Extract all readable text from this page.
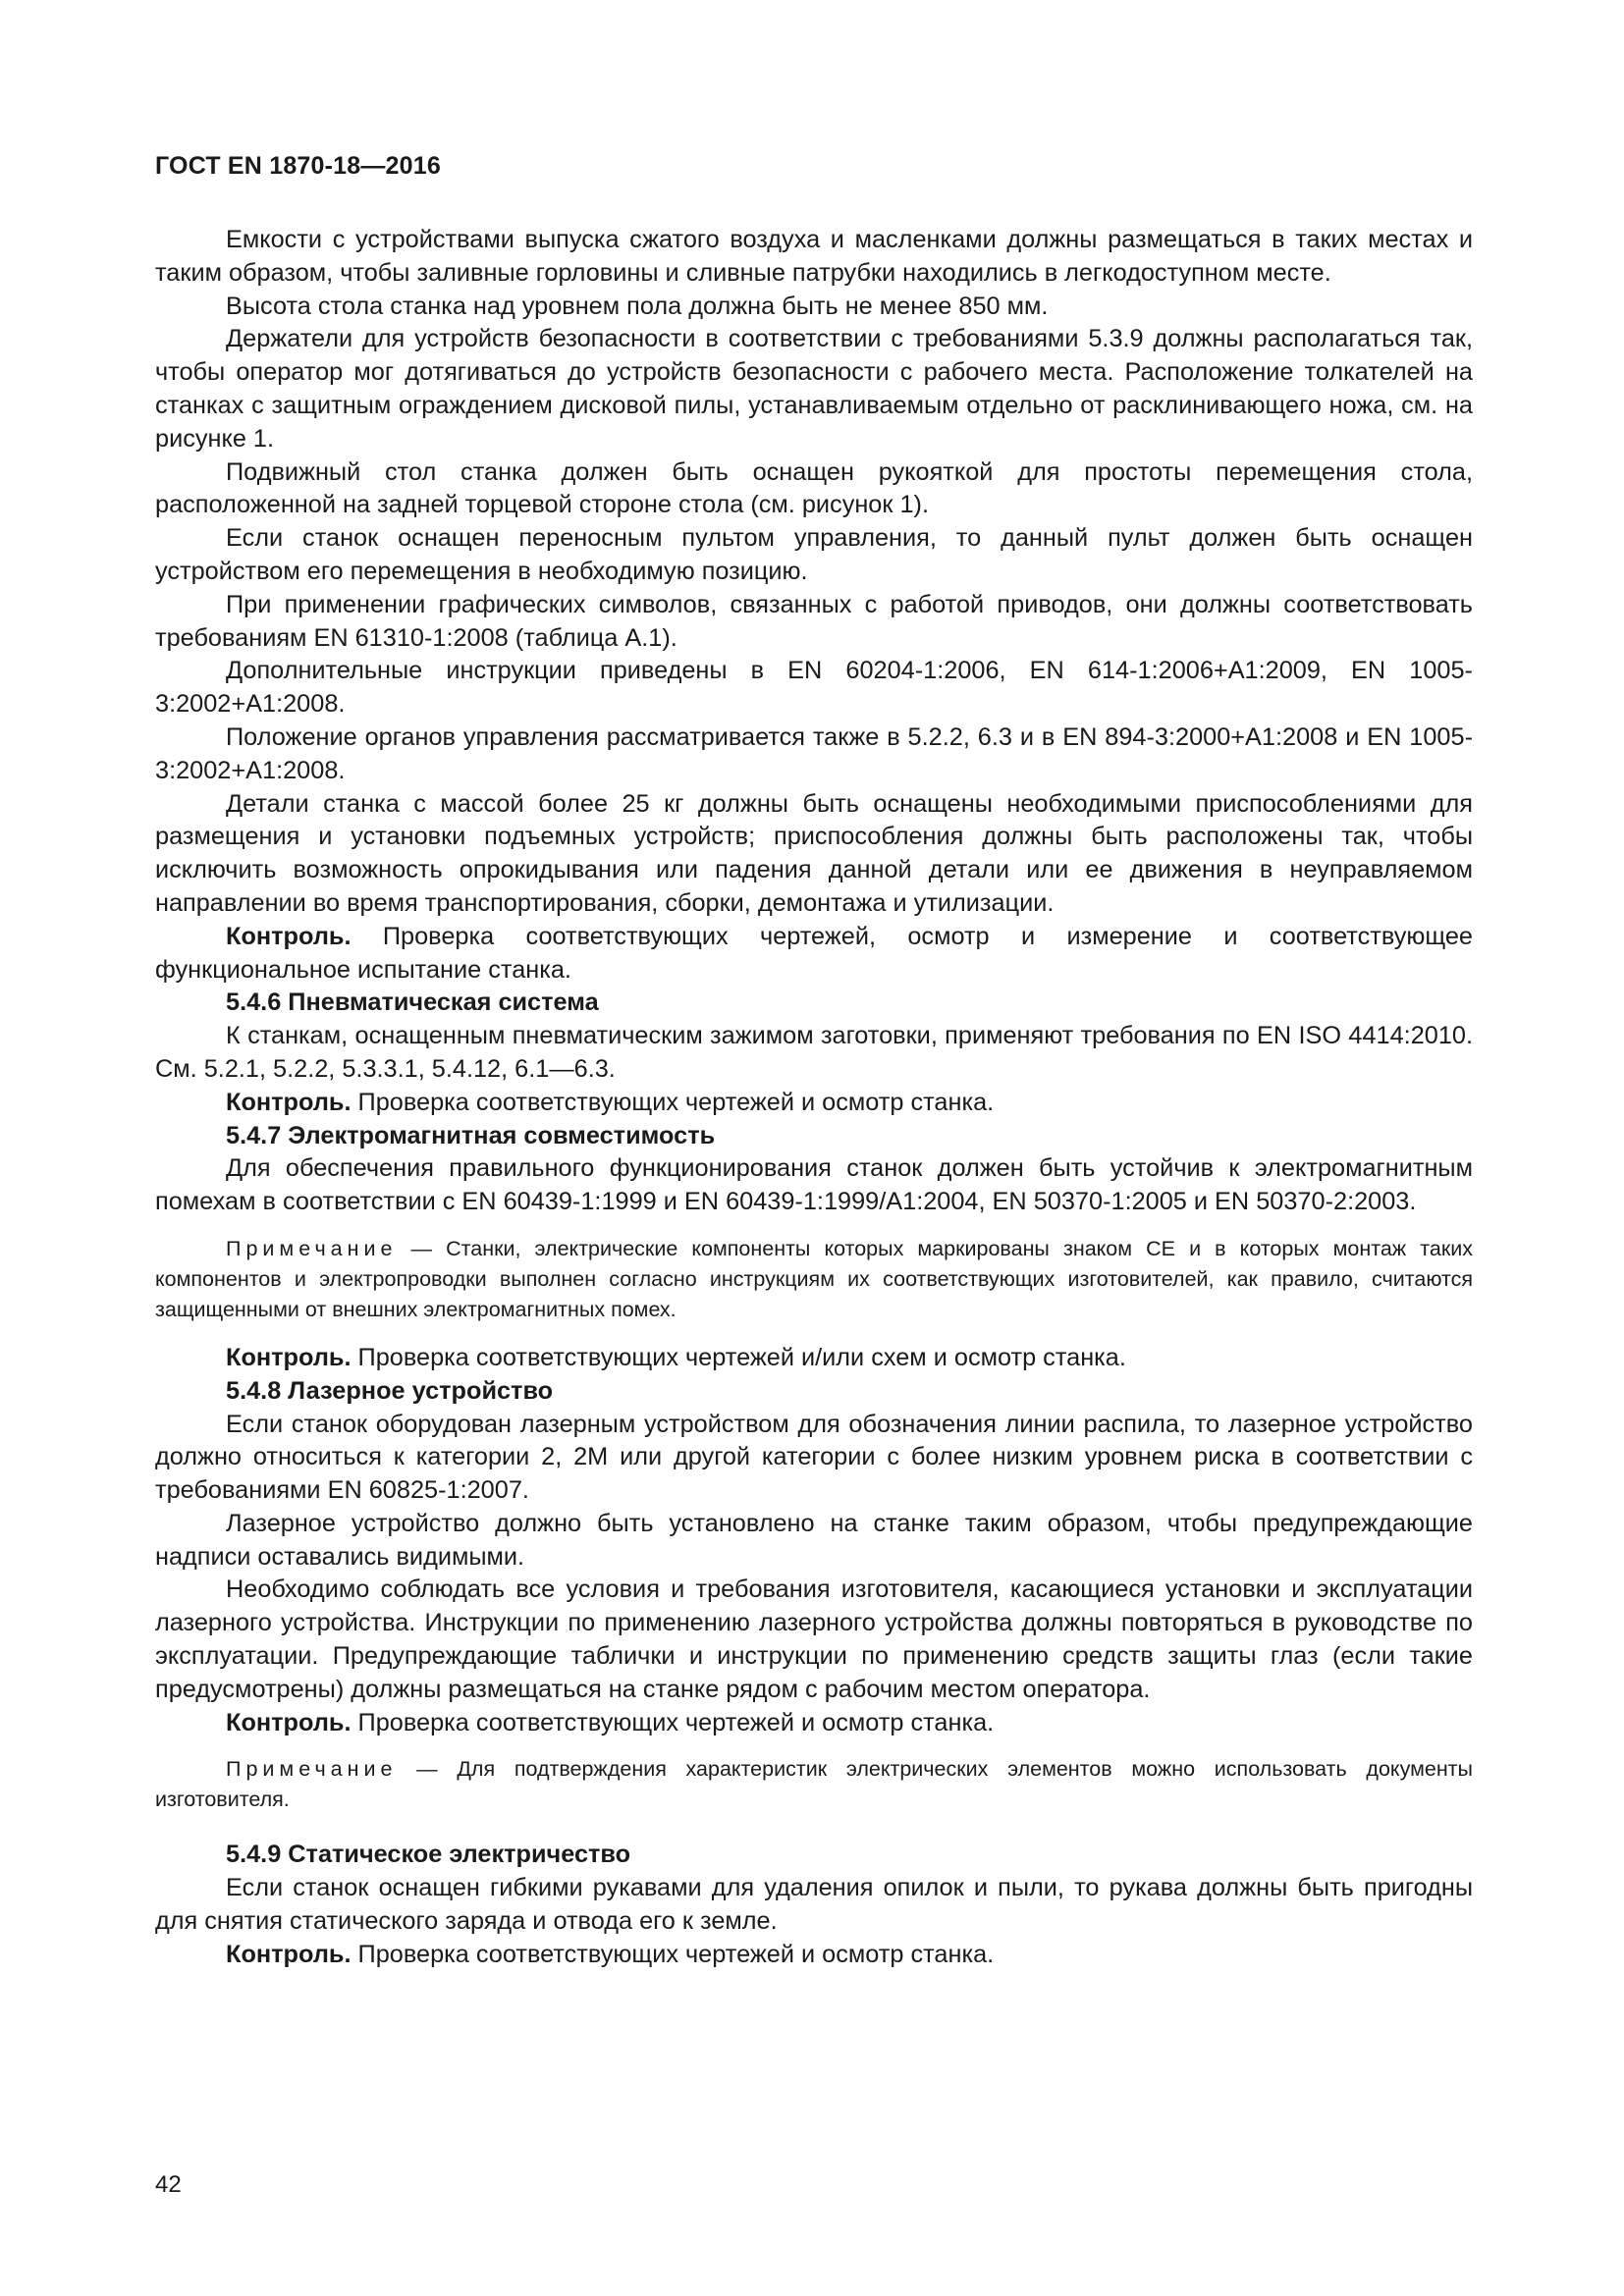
ГОСТ EN 1870-18—2016

Емкости с устройствами выпуска сжатого воздуха и масленками должны размещаться в таких местах и таким образом, чтобы заливные горловины и сливные патрубки находились в легкодоступном месте.

Высота стола станка над уровнем пола должна быть не менее 850 мм.

Держатели для устройств безопасности в соответствии с требованиями 5.3.9 должны располагаться так, чтобы оператор мог дотягиваться до устройств безопасности с рабочего места. Расположение толкателей на станках с защитным ограждением дисковой пилы, устанавливаемым отдельно от расклинивающего ножа, см. на рисунке 1.

Подвижный стол станка должен быть оснащен рукояткой для простоты перемещения стола, расположенной на задней торцевой стороне стола (см. рисунок 1).

Если станок оснащен переносным пультом управления, то данный пульт должен быть оснащен устройством его перемещения в необходимую позицию.

При применении графических символов, связанных с работой приводов, они должны соответствовать требованиям EN 61310-1:2008 (таблица А.1).

Дополнительные инструкции приведены в EN 60204-1:2006, EN 614-1:2006+А1:2009, EN 1005-3:2002+А1:2008.

Положение органов управления рассматривается также в 5.2.2, 6.3 и в EN 894-3:2000+А1:2008 и EN 1005-3:2002+А1:2008.

Детали станка с массой более 25 кг должны быть оснащены необходимыми приспособлениями для размещения и установки подъемных устройств; приспособления должны быть расположены так, чтобы исключить возможность опрокидывания или падения данной детали или ее движения в неуправляемом направлении во время транспортирования, сборки, демонтажа и утилизации.

Контроль. Проверка соответствующих чертежей, осмотр и измерение и соответствующее функциональное испытание станка.

5.4.6 Пневматическая система

К станкам, оснащенным пневматическим зажимом заготовки, применяют требования по EN ISO 4414:2010. См. 5.2.1, 5.2.2, 5.3.3.1, 5.4.12, 6.1—6.3.

Контроль. Проверка соответствующих чертежей и осмотр станка.

5.4.7 Электромагнитная совместимость

Для обеспечения правильного функционирования станок должен быть устойчив к электромагнитным помехам в соответствии с EN 60439-1:1999 и EN 60439-1:1999/А1:2004, EN 50370-1:2005 и EN 50370-2:2003.

Примечание — Станки, электрические компоненты которых маркированы знаком СЕ и в которых монтаж таких компонентов и электропроводки выполнен согласно инструкциям их соответствующих изготовителей, как правило, считаются защищенными от внешних электромагнитных помех.

Контроль. Проверка соответствующих чертежей и/или схем и осмотр станка.

5.4.8 Лазерное устройство

Если станок оборудован лазерным устройством для обозначения линии распила, то лазерное устройство должно относиться к категории 2, 2М или другой категории с более низким уровнем риска в соответствии с требованиями EN 60825-1:2007.

Лазерное устройство должно быть установлено на станке таким образом, чтобы предупреждающие надписи оставались видимыми.

Необходимо соблюдать все условия и требования изготовителя, касающиеся установки и эксплуатации лазерного устройства. Инструкции по применению лазерного устройства должны повторяться в руководстве по эксплуатации. Предупреждающие таблички и инструкции по применению средств защиты глаз (если такие предусмотрены) должны размещаться на станке рядом с рабочим местом оператора.

Контроль. Проверка соответствующих чертежей и осмотр станка.

Примечание — Для подтверждения характеристик электрических элементов можно использовать документы изготовителя.

5.4.9 Статическое электричество

Если станок оснащен гибкими рукавами для удаления опилок и пыли, то рукава должны быть пригодны для снятия статического заряда и отвода его к земле.

Контроль. Проверка соответствующих чертежей и осмотр станка.

42
